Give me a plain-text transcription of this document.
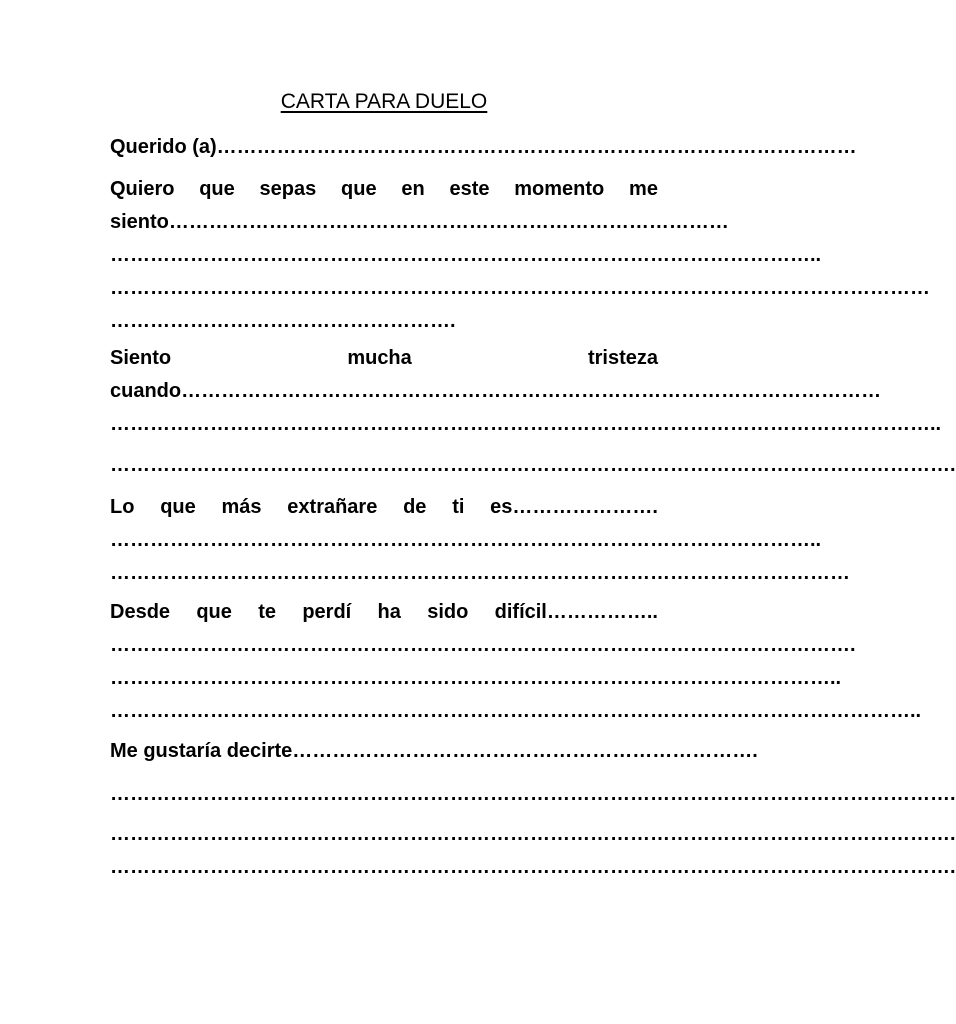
CARTA PARA DUELO

Querido (a)……………………………………………………………………………………

Quiero que sepas que en este momento me

siento…………………………………………………………………………

……………………………………………………………………………………………..

……………………………………………………………………………………………………………

…………………………………………….

Siento	mucha	tristeza

cuando……………………………………………………………………………………………

……………………………………………………………………………………………………………..

……………………………………………………………………………………………………………….

Lo que más extrañare de ti es………………….

……………………………………………………………………………………………..

…………………………………………………………………………………………………

Desde que te perdí ha sido difícil……………..

………………………………………………………………………………………………….

………………………………………………………………………………………………..

…………………………………………………………………………………………………………..

Me gustaría decirte…………………………………………………………….

……………………………………………………………………………………………………………….

……………………………………………………………………………………………………………….

……………………………………………………………………………………………………………….
